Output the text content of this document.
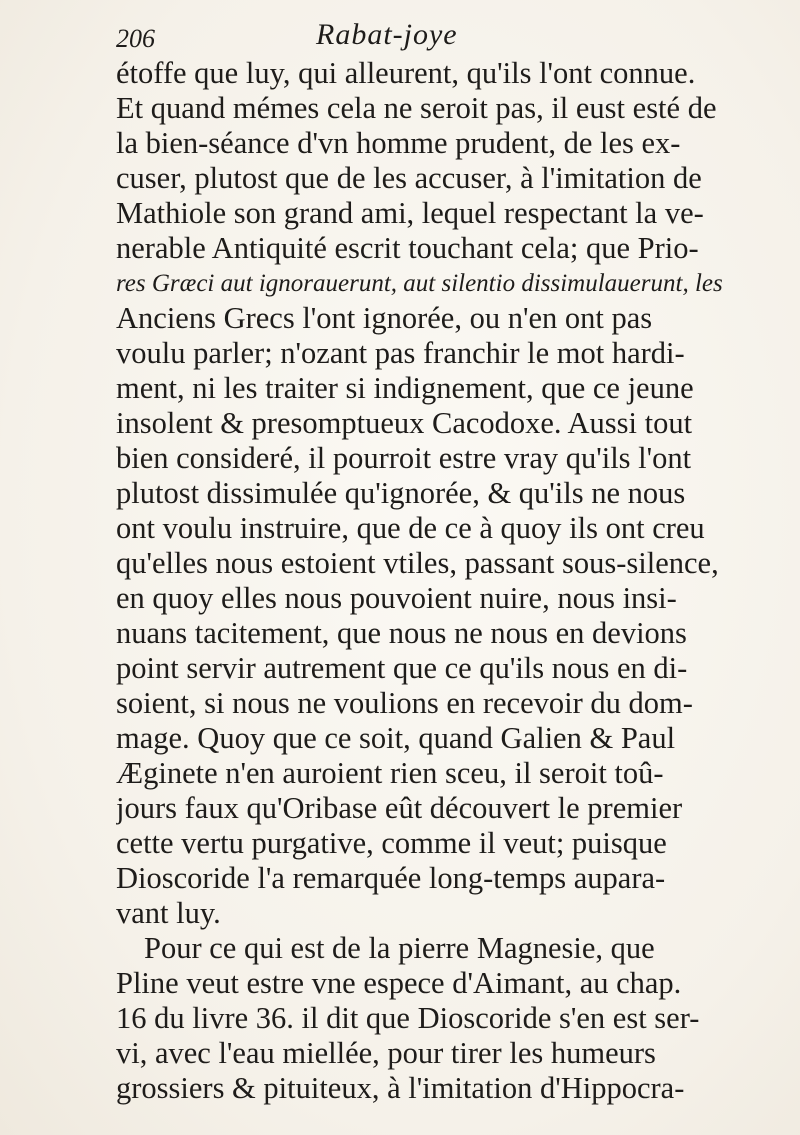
206	Rabat-joye
étoffe que luy, qui alleurent, qu'ils l'ont connue.
Et quand mémes cela ne seroit pas, il eust esté de
la bien-séance d'vn homme prudent, de les ex-
cuser, plutost que de les accuser, à l'imitation de
Mathiole son grand ami, lequel respectant la ve-
nerable Antiquité escrit touchant cela; que Prio-
res Græci aut ignorauerunt, aut silentio dissimulauerunt, les
Anciens Grecs l'ont ignorée, ou n'en ont pas
voulu parler; n'ozant pas franchir le mot hardi-
ment, ni les traiter si indignement, que ce jeune
insolent & presomptueux Cacodoxe. Aussi tout
bien consideré, il pourroit estre vray qu'ils l'ont
plutost dissimulée qu'ignorée, & qu'ils ne nous
ont voulu instruire, que de ce à quoy ils ont creu
qu'elles nous estoient vtiles, passant sous-silence,
en quoy elles nous pouvoient nuire, nous insi-
nuans tacitement, que nous ne nous en devions
point servir autrement que ce qu'ils nous en di-
soient, si nous ne voulions en recevoir du dom-
mage. Quoy que ce soit, quand Galien & Paul
Æginete n'en auroient rien sceu, il seroit toû-
jours faux qu'Oribase eût découvert le premier
cette vertu purgative, comme il veut; puisque
Dioscoride l'a remarquée long-temps aupara-
vant luy.
Pour ce qui est de la pierre Magnesie, que
Pline veut estre vne espece d'Aimant, au chap.
16 du livre 36. il dit que Dioscoride s'en est ser-
vi, avec l'eau miellée, pour tirer les humeurs
grossiers & pituiteux, à l'imitation d'Hippocra-
